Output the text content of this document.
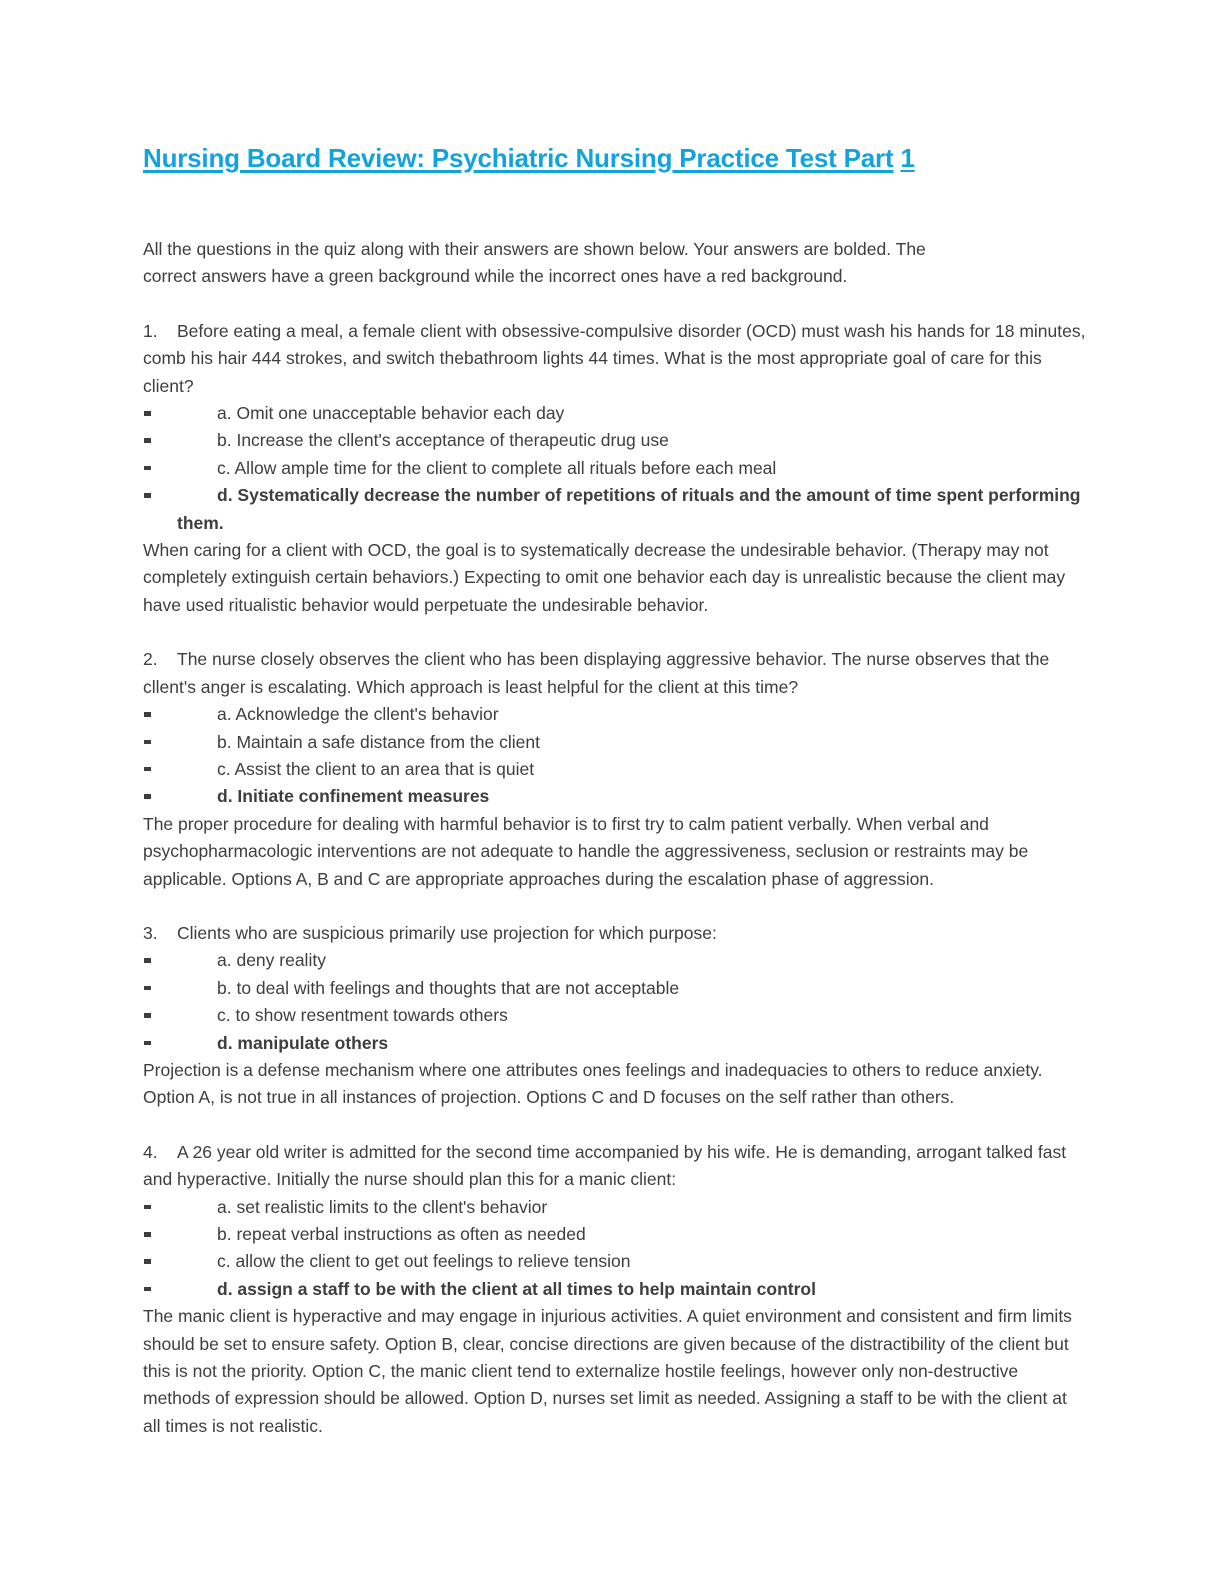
Nursing Board Review: Psychiatric Nursing Practice Test Part 1

All the questions in the quiz along with their answers are shown below. Your answers are bolded. The
correct answers have a green background while the incorrect ones have a red background.

1. Before eating a meal, a female client with obsessive-compulsive disorder (OCD) must wash his hands for 18 minutes, comb his hair 444 strokes, and switch thebathroom lights 44 times. What is the most appropriate goal of care for this client?

a. Omit one unacceptable behavior each day
b. Increase the cllent's acceptance of therapeutic drug use
c. Allow ample time for the client to complete all rituals before each meal
d. Systematically decrease the number of repetitions of rituals and the amount of time spent performing them.

When caring for a client with OCD, the goal is to systematically decrease the undesirable behavior. (Therapy may not completely extinguish certain behaviors.) Expecting to omit one behavior each day is unrealistic because the client may have used ritualistic behavior would perpetuate the undesirable behavior.

2. The nurse closely observes the client who has been displaying aggressive behavior. The nurse observes that the cllent's anger is escalating. Which approach is least helpful for the client at this time?

a. Acknowledge the cllent's behavior
b. Maintain a safe distance from the client
c. Assist the client to an area that is quiet
d. Initiate confinement measures

The proper procedure for dealing with harmful behavior is to first try to calm patient verbally. When verbal and psychopharmacologic interventions are not adequate to handle the aggressiveness, seclusion or restraints may be applicable. Options A, B and C are appropriate approaches during the escalation phase of aggression.

3. Clients who are suspicious primarily use projection for which purpose:

a. deny reality
b. to deal with feelings and thoughts that are not acceptable
c. to show resentment towards others
d. manipulate others

Projection is a defense mechanism where one attributes ones feelings and inadequacies to others to reduce anxiety. Option A, is not true in all instances of projection. Options C and D focuses on the self rather than others.

4. A 26 year old writer is admitted for the second time accompanied by his wife. He is demanding, arrogant talked fast and hyperactive. Initially the nurse should plan this for a manic client:

a. set realistic limits to the cllent's behavior
b. repeat verbal instructions as often as needed
c. allow the client to get out feelings to relieve tension
d. assign a staff to be with the client at all times to help maintain control

The manic client is hyperactive and may engage in injurious activities. A quiet environment and consistent and firm limits should be set to ensure safety. Option B, clear, concise directions are given because of the distractibility of the client but this is not the priority. Option C, the manic client tend to externalize hostile feelings, however only non-destructive methods of expression should be allowed. Option D, nurses set limit as needed. Assigning a staff to be with the client at all times is not realistic.
